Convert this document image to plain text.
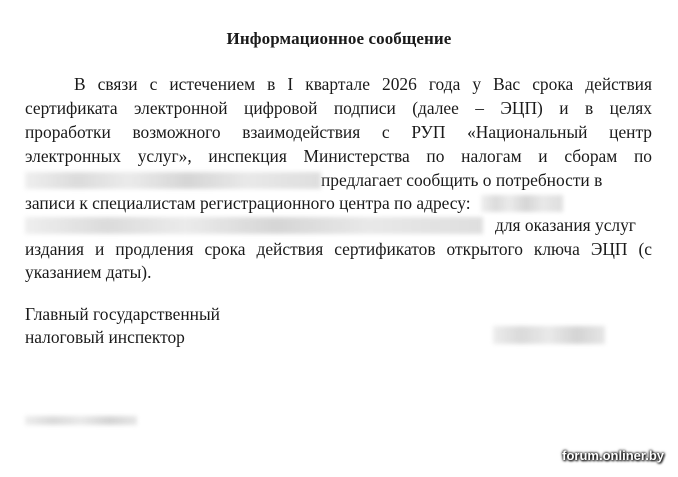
Информационное сообщение
В связи с истечением в I квартале 2026 года у Вас срока действия
сертификата электронной цифровой подписи (далее – ЭЦП) и в целях
проработки возможного взаимодействия с РУП «Национальный центр
электронных услуг», инспекция Министерства по налогам и сборам по
предлагает сообщить о потребности в
записи к специалистам регистрационного центра по адресу:
для оказания услуг
издания и продления срока действия сертификатов открытого ключа ЭЦП (с
указанием даты).
Главный государственный
налоговый инспектор
forum.onliner.by
